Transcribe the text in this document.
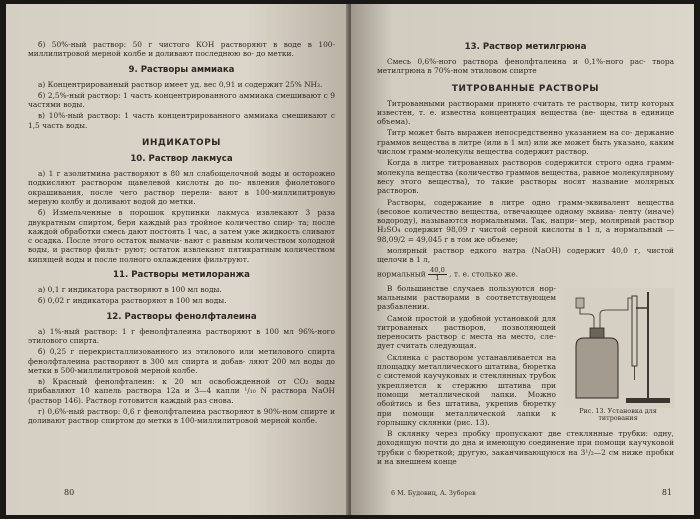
б) 50%-ный раствор: 50 г чистого КОН растворяют в воде в 100-миллилитровой мерной колбе и доливают последнюю во- до метки.

9. Растворы аммиака

а) Концентрированный раствор имеет уд. вес 0,91 и содержит 25% NH₃.

б) 2,5%-ный раствор: 1 часть концентрированного аммиака смешивают с 9 частями воды.

в) 10%-ный раствор: 1 часть концентрированного аммиака смешивают с 1,5 часть воды.

ИНДИКАТОРЫ
10. Раствор лакмуса

а) 1 г азолитмина растворяют в 80 мл слабощелочной воды и осторожно подкисляют раствором щавелевой кислоты до по- явления фиолетового окрашивания, после чего раствор перели- вают в 100-миллилитровую мерную колбу и доливают водой до метки.

б) Измельченные в порошок крупинки лакмуса извлекают 3 раза двукратным спиртом, беря каждый раз тройное количество спир- та; после каждой обработки смесь дают постоять 1 час, а затем уже жидкость сливают с осадка. После этого остаток вымачи- вают с равным количеством холодной воды, и раствор фильт- руют; остаток извлекают пятикратным количеством кипящей воды и после полного охлаждения фильтруют.

11. Растворы метилоранжа

а) 0,1 г индикатора растворяют в 100 мл воды.

б) 0,02 г индикатора растворяют в 100 мл воды.

12. Растворы фенолфталеина

а) 1%-ный раствор: 1 г фенолфталеина растворяют в 100 мл 96%-ного этилового спирта.

б) 0,25 г перекристаллизованного из этилового или метилового спирта фенолфталеина растворяют в 300 мл спирта и добав- ляют 200 мл воды до метки в 500-миллилитровой мерной колбе.

в) Красный фенолфталеин: к 20 мл освобожденной от CO₂ воды прибавляют 10 капель раствора 12а и 3—4 капли ¹/₁₀ N раствора NaOH (раствор 146). Раствор готовится каждый раз снова.

г) 0,6%-ный раствор: 0,6 г фенолфталеина растворяют в 90%-ном спирте и доливают раствор спиртом до метки в 100-миллилитровой мерной колбе.

80
13. Раствор метилгрюна

Смесь 0,6%-ного раствора фенолфталеина и 0,1%-ного рас- твора метилгрюна в 70%-ном этиловом спирте

ТИТРОВАННЫЕ РАСТВОРЫ

Титрованными растворами принято считать те растворы, титр которых известен, т. е. известна концентрация вещества (ве- щества в единице объема).

Титр может быть выражен непосредственно указанием на со- держание граммов вещества в литре (или в 1 мл) или же может быть указано, каким числом грамм-молекулы вещества содержит раствор.

Когда в литре титрованных растворов содержится строго одна грамм-молекула вещества (количество граммов вещества, равное молекулярному весу этого вещества), то такие растворы носят название молярных растворов.

Растворы, содержание в литре одно грамм-эквивалент вещества (весовое количество вещества, отвечающее одному эквива- ленту (иначе) водороду), называются нормальными. Так, напри- мер, молярный раствор H₂SO₄ содержит 98,09 г чистой серной кислоты в 1 л, а нормальный — 98,09/2 = 49,045 г в том же объеме;

молярный раствор едкого натра (NaOH) содержит 40,0 г, чистой щелочи в 1 л,

нормальный $\frac{40,0}{1}$ , т. е. столько же.
Рис. 13. Установка для титрования

В большинстве случаев пользуются нор- мальными растворами в соответствующем разбавлении.

Самой простой и удобной установкой для титрованных растворов, позволяющей переносить раствор с места на место, сле- дует считать следующая.

Склянка с раствором устанавливается на площадку металлического штатива, бюретка с системой каучуковых и стеклянных трубок укрепляется к стержню штатива при помощи металлической лапки. Можно обойтись и без штатива, укрепив бюретку при помощи металлической лапки к горлышку склянки (рис. 13).

В склянку через пробку пропускают две стеклянные трубки: одну, доходящую почти до дна и имеющую соединение при помощи каучуковой трубки с бюреткой; другую, заканчивающуюся на 3¹/₂—2 см ниже пробки и на внешнем конце

6 М. Будовиц, А. Зуборев	81
